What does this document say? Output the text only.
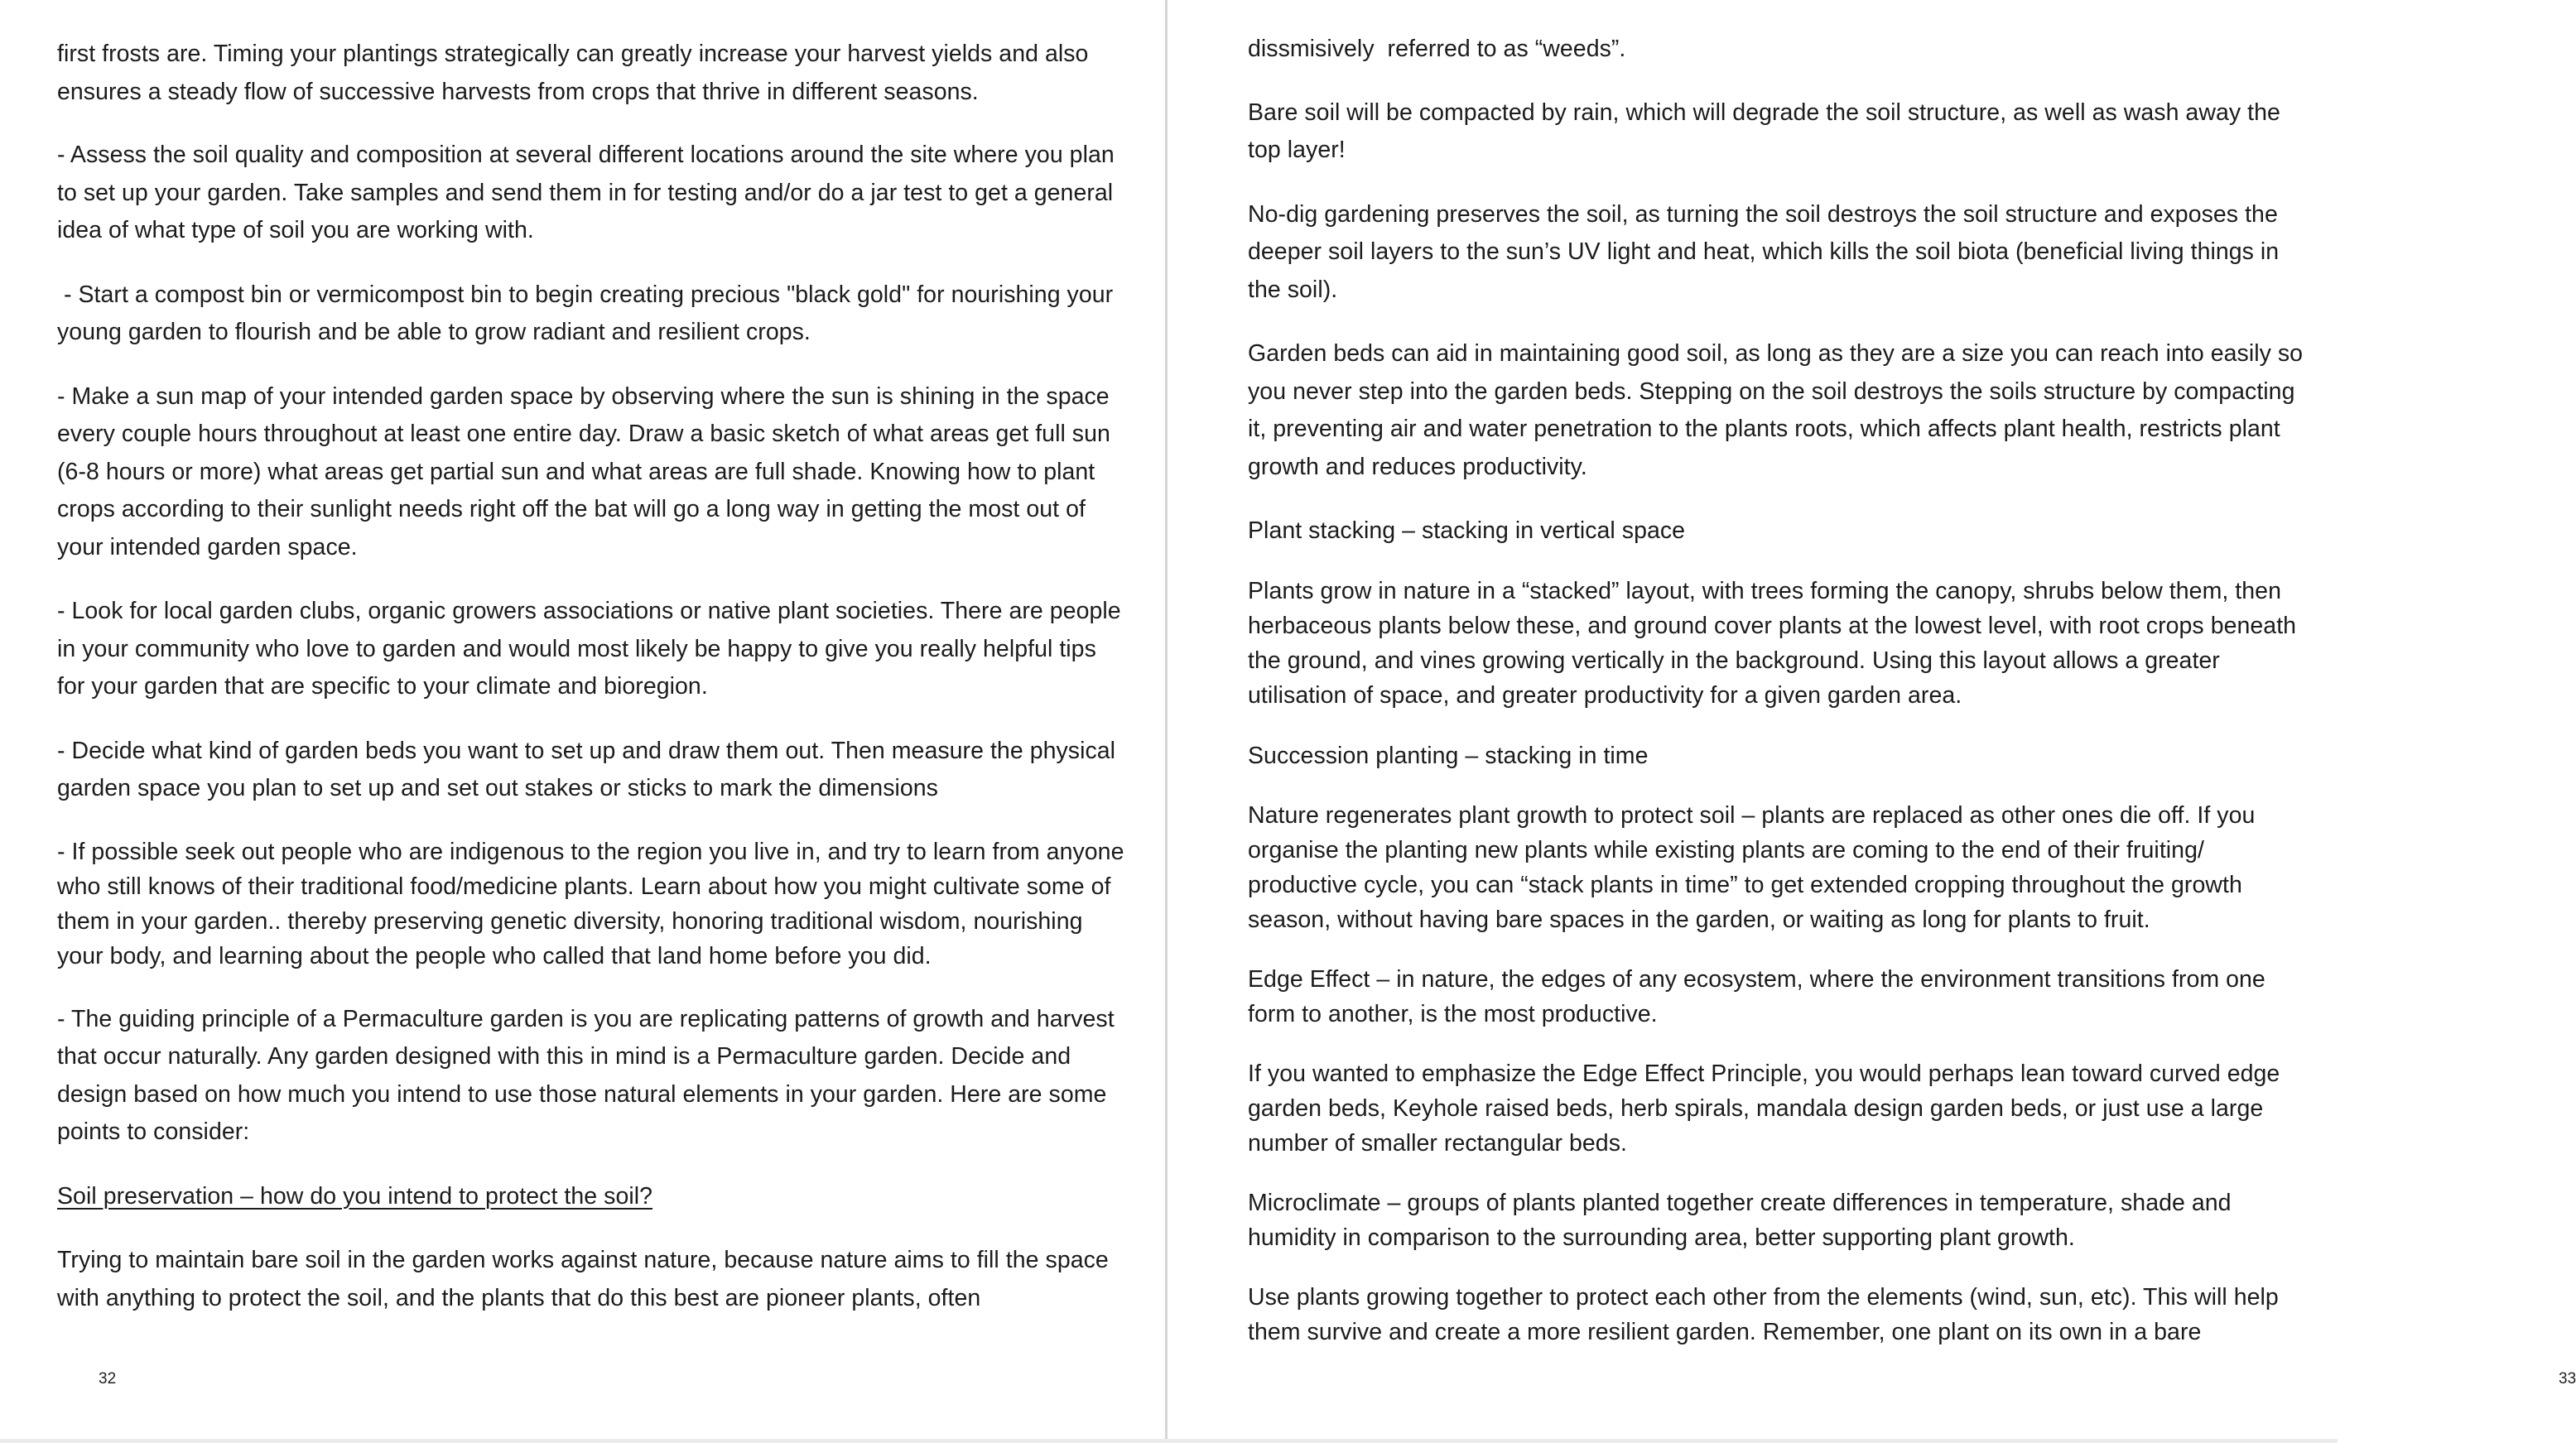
first frosts are. Timing your plantings strategically can greatly increase your harvest yields and also ensures a steady flow of successive harvests from crops that thrive in different seasons.

- Assess the soil quality and composition at several different locations around the site where you plan to set up your garden. Take samples and send them in for testing and/or do a jar test to get a general idea of what type of soil you are working with.

- Start a compost bin or vermicompost bin to begin creating precious "black gold" for nourishing your young garden to flourish and be able to grow radiant and resilient crops.

- Make a sun map of your intended garden space by observing where the sun is shining in the space every couple hours throughout at least one entire day. Draw a basic sketch of what areas get full sun (6-8 hours or more) what areas get partial sun and what areas are full shade. Knowing how to plant crops according to their sunlight needs right off the bat will go a long way in getting the most out of your intended garden space.

- Look for local garden clubs, organic growers associations or native plant societies. There are people in your community who love to garden and would most likely be happy to give you really helpful tips for your garden that are specific to your climate and bioregion.

- Decide what kind of garden beds you want to set up and draw them out. Then measure the physical garden space you plan to set up and set out stakes or sticks to mark the dimensions

- If possible seek out people who are indigenous to the region you live in, and try to learn from anyone who still knows of their traditional food/medicine plants. Learn about how you might cultivate some of them in your garden.. thereby preserving genetic diversity, honoring traditional wisdom, nourishing your body, and learning about the people who called that land home before you did.

- The guiding principle of a Permaculture garden is you are replicating patterns of growth and harvest that occur naturally. Any garden designed with this in mind is a Permaculture garden. Decide and design based on how much you intend to use those natural elements in your garden. Here are some points to consider:

Soil preservation – how do you intend to protect the soil?

Trying to maintain bare soil in the garden works against nature, because nature aims to fill the space with anything to protect the soil, and the plants that do this best are pioneer plants, often

32

dissmisively  referred to as “weeds”.

Bare soil will be compacted by rain, which will degrade the soil structure, as well as wash away the top layer!

No-dig gardening preserves the soil, as turning the soil destroys the soil structure and exposes the deeper soil layers to the sun’s UV light and heat, which kills the soil biota (beneficial living things in the soil).

Garden beds can aid in maintaining good soil, as long as they are a size you can reach into easily so you never step into the garden beds. Stepping on the soil destroys the soils structure by compacting it, preventing air and water penetration to the plants roots, which affects plant health, restricts plant growth and reduces productivity.

Plant stacking – stacking in vertical space

Plants grow in nature in a “stacked” layout, with trees forming the canopy, shrubs below them, then herbaceous plants below these, and ground cover plants at the lowest level, with root crops beneath the ground, and vines growing vertically in the background. Using this layout allows a greater utilisation of space, and greater productivity for a given garden area.

Succession planting – stacking in time

Nature regenerates plant growth to protect soil – plants are replaced as other ones die off. If you organise the planting new plants while existing plants are coming to the end of their fruiting/ productive cycle, you can “stack plants in time” to get extended cropping throughout the growth season, without having bare spaces in the garden, or waiting as long for plants to fruit.

Edge Effect – in nature, the edges of any ecosystem, where the environment transitions from one form to another, is the most productive.

If you wanted to emphasize the Edge Effect Principle, you would perhaps lean toward curved edge garden beds, Keyhole raised beds, herb spirals, mandala design garden beds, or just use a large number of smaller rectangular beds.

Microclimate – groups of plants planted together create differences in temperature, shade and humidity in comparison to the surrounding area, better supporting plant growth.

Use plants growing together to protect each other from the elements (wind, sun, etc). This will help them survive and create a more resilient garden. Remember, one plant on its own in a bare

33
